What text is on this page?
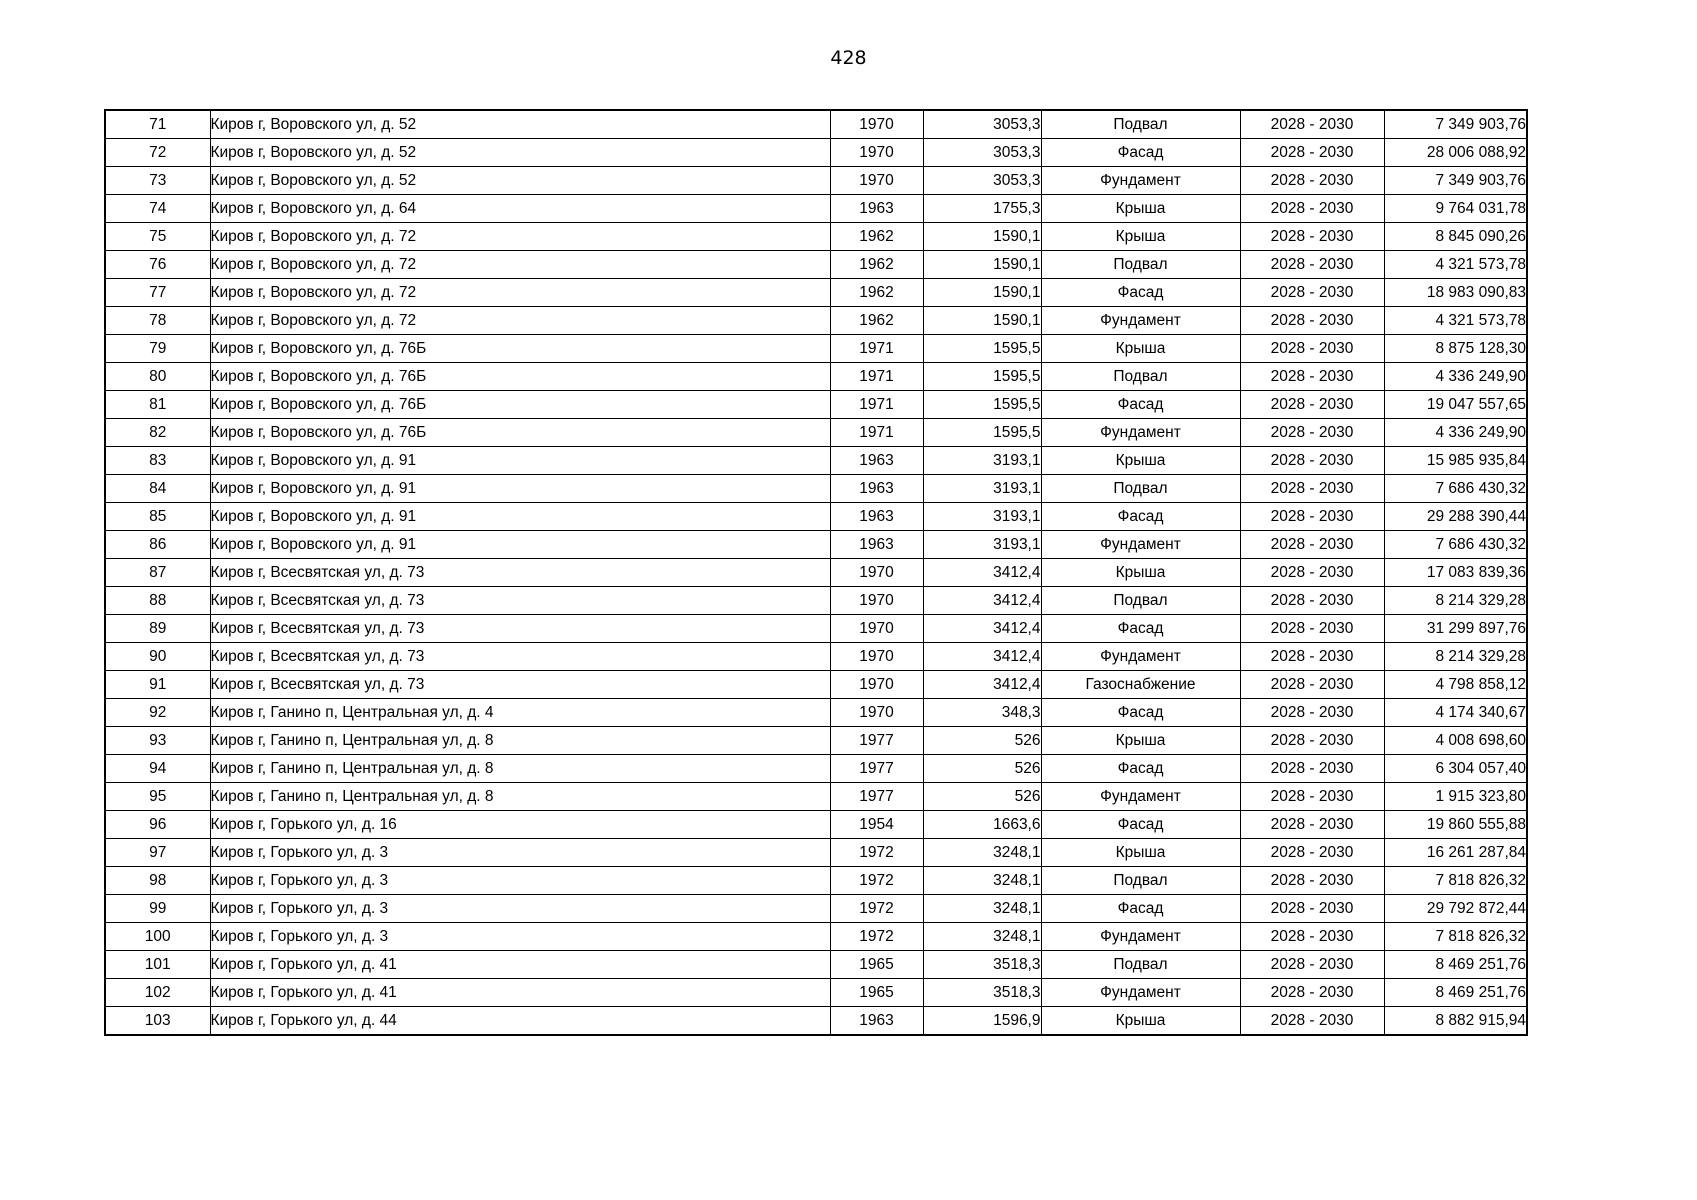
428
71	Киров г, Воровского ул, д. 52	1970	3053,3	Подвал	2028 - 2030	7 349 903,76
72	Киров г, Воровского ул, д. 52	1970	3053,3	Фасад	2028 - 2030	28 006 088,92
73	Киров г, Воровского ул, д. 52	1970	3053,3	Фундамент	2028 - 2030	7 349 903,76
74	Киров г, Воровского ул, д. 64	1963	1755,3	Крыша	2028 - 2030	9 764 031,78
75	Киров г, Воровского ул, д. 72	1962	1590,1	Крыша	2028 - 2030	8 845 090,26
76	Киров г, Воровского ул, д. 72	1962	1590,1	Подвал	2028 - 2030	4 321 573,78
77	Киров г, Воровского ул, д. 72	1962	1590,1	Фасад	2028 - 2030	18 983 090,83
78	Киров г, Воровского ул, д. 72	1962	1590,1	Фундамент	2028 - 2030	4 321 573,78
79	Киров г, Воровского ул, д. 76Б	1971	1595,5	Крыша	2028 - 2030	8 875 128,30
80	Киров г, Воровского ул, д. 76Б	1971	1595,5	Подвал	2028 - 2030	4 336 249,90
81	Киров г, Воровского ул, д. 76Б	1971	1595,5	Фасад	2028 - 2030	19 047 557,65
82	Киров г, Воровского ул, д. 76Б	1971	1595,5	Фундамент	2028 - 2030	4 336 249,90
83	Киров г, Воровского ул, д. 91	1963	3193,1	Крыша	2028 - 2030	15 985 935,84
84	Киров г, Воровского ул, д. 91	1963	3193,1	Подвал	2028 - 2030	7 686 430,32
85	Киров г, Воровского ул, д. 91	1963	3193,1	Фасад	2028 - 2030	29 288 390,44
86	Киров г, Воровского ул, д. 91	1963	3193,1	Фундамент	2028 - 2030	7 686 430,32
87	Киров г, Всесвятская ул, д. 73	1970	3412,4	Крыша	2028 - 2030	17 083 839,36
88	Киров г, Всесвятская ул, д. 73	1970	3412,4	Подвал	2028 - 2030	8 214 329,28
89	Киров г, Всесвятская ул, д. 73	1970	3412,4	Фасад	2028 - 2030	31 299 897,76
90	Киров г, Всесвятская ул, д. 73	1970	3412,4	Фундамент	2028 - 2030	8 214 329,28
91	Киров г, Всесвятская ул, д. 73	1970	3412,4	Газоснабжение	2028 - 2030	4 798 858,12
92	Киров г, Ганино п, Центральная ул, д. 4	1970	348,3	Фасад	2028 - 2030	4 174 340,67
93	Киров г, Ганино п, Центральная ул, д. 8	1977	526	Крыша	2028 - 2030	4 008 698,60
94	Киров г, Ганино п, Центральная ул, д. 8	1977	526	Фасад	2028 - 2030	6 304 057,40
95	Киров г, Ганино п, Центральная ул, д. 8	1977	526	Фундамент	2028 - 2030	1 915 323,80
96	Киров г, Горького ул, д. 16	1954	1663,6	Фасад	2028 - 2030	19 860 555,88
97	Киров г, Горького ул, д. 3	1972	3248,1	Крыша	2028 - 2030	16 261 287,84
98	Киров г, Горького ул, д. 3	1972	3248,1	Подвал	2028 - 2030	7 818 826,32
99	Киров г, Горького ул, д. 3	1972	3248,1	Фасад	2028 - 2030	29 792 872,44
100	Киров г, Горького ул, д. 3	1972	3248,1	Фундамент	2028 - 2030	7 818 826,32
101	Киров г, Горького ул, д. 41	1965	3518,3	Подвал	2028 - 2030	8 469 251,76
102	Киров г, Горького ул, д. 41	1965	3518,3	Фундамент	2028 - 2030	8 469 251,76
103	Киров г, Горького ул, д. 44	1963	1596,9	Крыша	2028 - 2030	8 882 915,94
